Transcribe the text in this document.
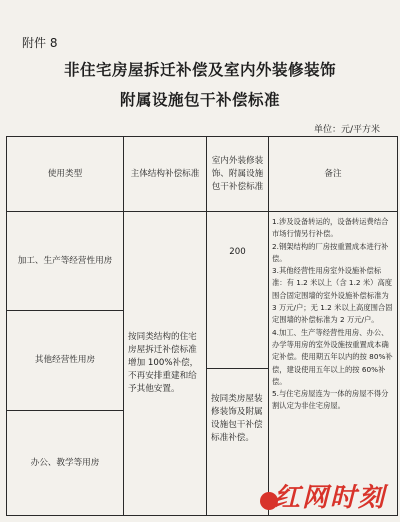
附件 8
非住宅房屋拆迁补偿及室内外装修装饰
附属设施包干补偿标准
单位：元/平方米
使用类型	主体结构补偿标准
室内外装修装饰、附属设施包干补偿标准
备注
加工、生产等经营性用房
其他经营性用房
办公、教学等用房
按同类结构的住宅房屋拆迁补偿标准增加 100%补偿，不再安排重建和给予其他安置。
200
按同类房屋装修装饰及附属设施包干补偿标准补偿。
1.涉及设备转运的，设备转运费结合市场行情另行补偿。
2.钢架结构的厂房按重置成本进行补偿。
3.其他经营性用房室外设施补偿标准：有 1.2 米以上（含 1.2 米）高度围合固定围墙的室外设施补偿标准为 3 万元/户；无 1.2 米以上高度围合固定围墙的补偿标准为 2 万元/户。
4.加工、生产等经营性用房、办公、办学等用房的室外设施按重置成本确定补偿。使用期五年以内的按 80%补偿，建设使用五年以上的按 60%补偿。
5.与住宅房屋连为一体的房屋不得分割认定为非住宅房屋。
红网时刻
